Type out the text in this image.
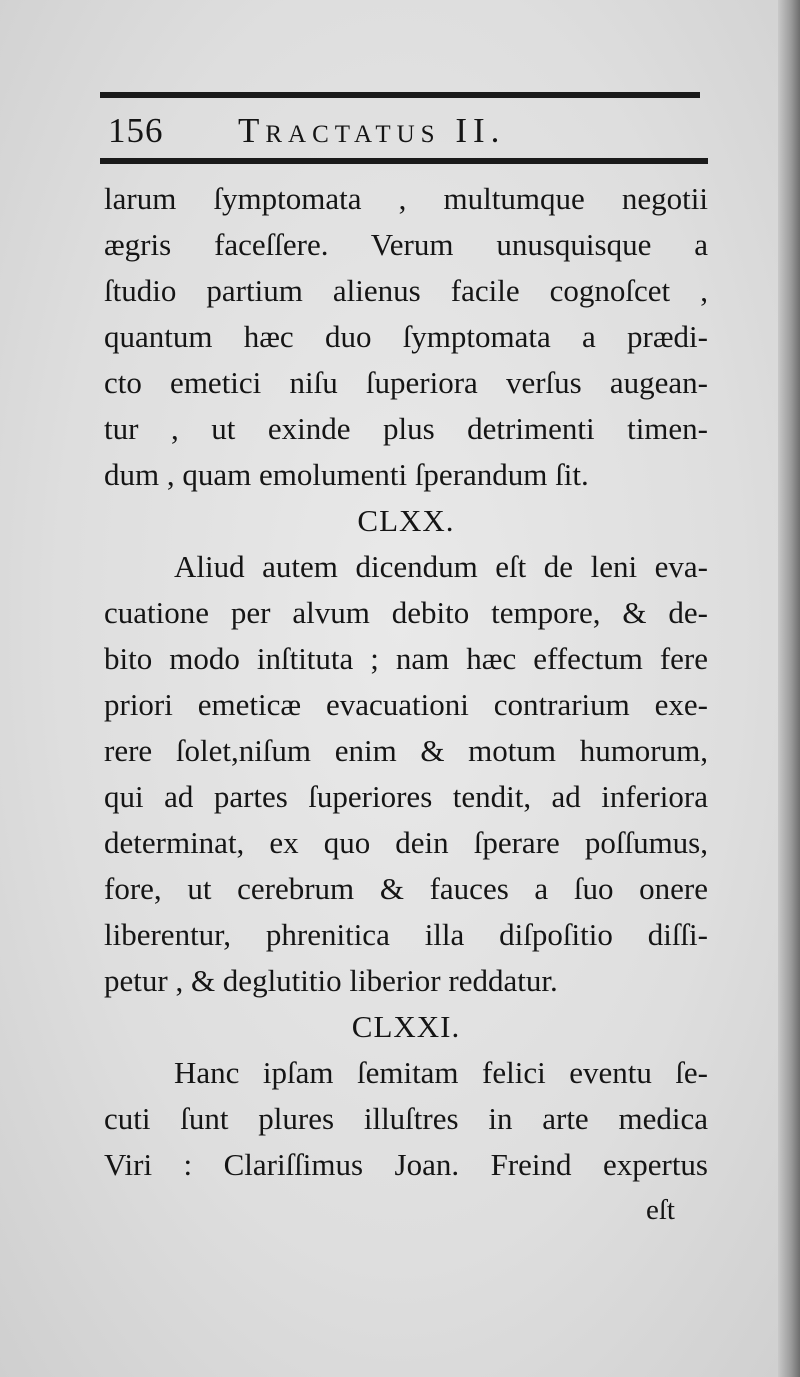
156 Tractatus II.
larum ſymptomata , multumque negotii
ægris faceſſere. Verum unusquisque a
ſtudio partium alienus facile cognoſcet ,
quantum hæc duo ſymptomata a prædi-
cto emetici niſu ſuperiora verſus augean-
tur , ut exinde plus detrimenti timen-
dum , quam emolumenti ſperandum ſit.
CLXX.
Aliud autem dicendum eſt de leni eva-
cuatione per alvum debito tempore, & de-
bito modo inſtituta ; nam hæc effectum fere
priori emeticæ evacuationi contrarium exe-
rere ſolet,niſum enim & motum humorum,
qui ad partes ſuperiores tendit, ad inferiora
determinat, ex quo dein ſperare poſſumus,
fore, ut cerebrum & fauces a ſuo onere
liberentur, phrenitica illa diſpoſitio diſſi-
petur , & deglutitio liberior reddatur.
CLXXI.
Hanc ipſam ſemitam felici eventu ſe-
cuti ſunt plures illuſtres in arte medica
Viri : Clariſſimus Joan. Freind expertus
eſt
